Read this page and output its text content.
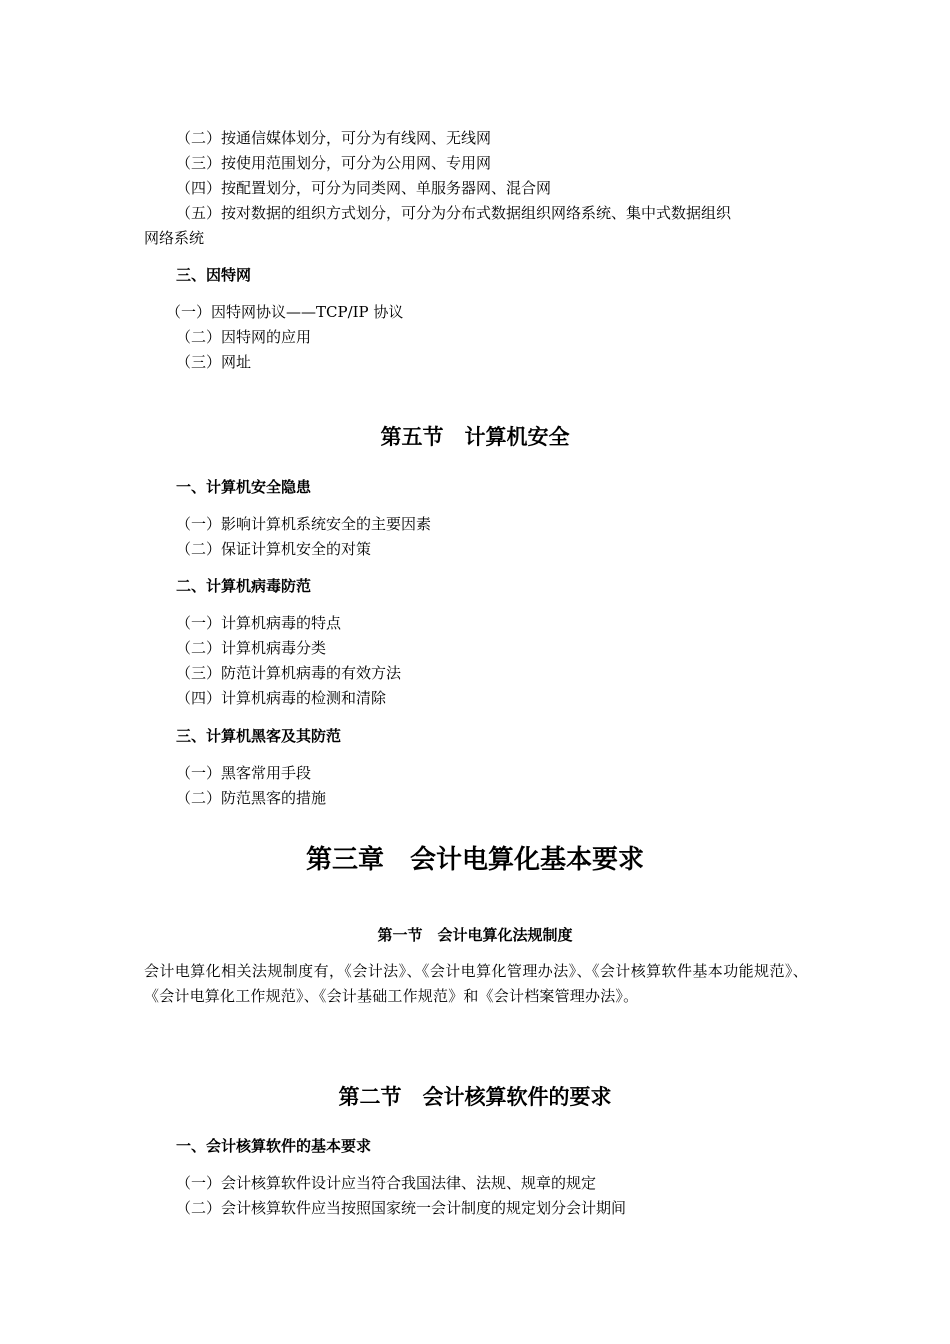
（二）按通信媒体划分，可分为有线网、无线网
（三）按使用范围划分，可分为公用网、专用网
（四）按配置划分，可分为同类网、单服务器网、混合网
（五）按对数据的组织方式划分，可分为分布式数据组织网络系统、集中式数据组织
网络系统
三、因特网
（一）因特网协议——TCP/IP 协议
（二）因特网的应用
（三）网址
第五节　计算机安全
一、计算机安全隐患
（一）影响计算机系统安全的主要因素
（二）保证计算机安全的对策
二、计算机病毒防范
（一）计算机病毒的特点
（二）计算机病毒分类
（三）防范计算机病毒的有效方法
（四）计算机病毒的检测和清除
三、计算机黑客及其防范
（一）黑客常用手段
（二）防范黑客的措施
第三章　会计电算化基本要求
第一节　会计电算化法规制度
会计电算化相关法规制度有，《会计法》、《会计电算化管理办法》、《会计核算软件基本功能规范》、《会计电算化工作规范》、《会计基础工作规范》和《会计档案管理办法》。
第二节　会计核算软件的要求
一、会计核算软件的基本要求
（一）会计核算软件设计应当符合我国法律、法规、规章的规定
（二）会计核算软件应当按照国家统一会计制度的规定划分会计期间
